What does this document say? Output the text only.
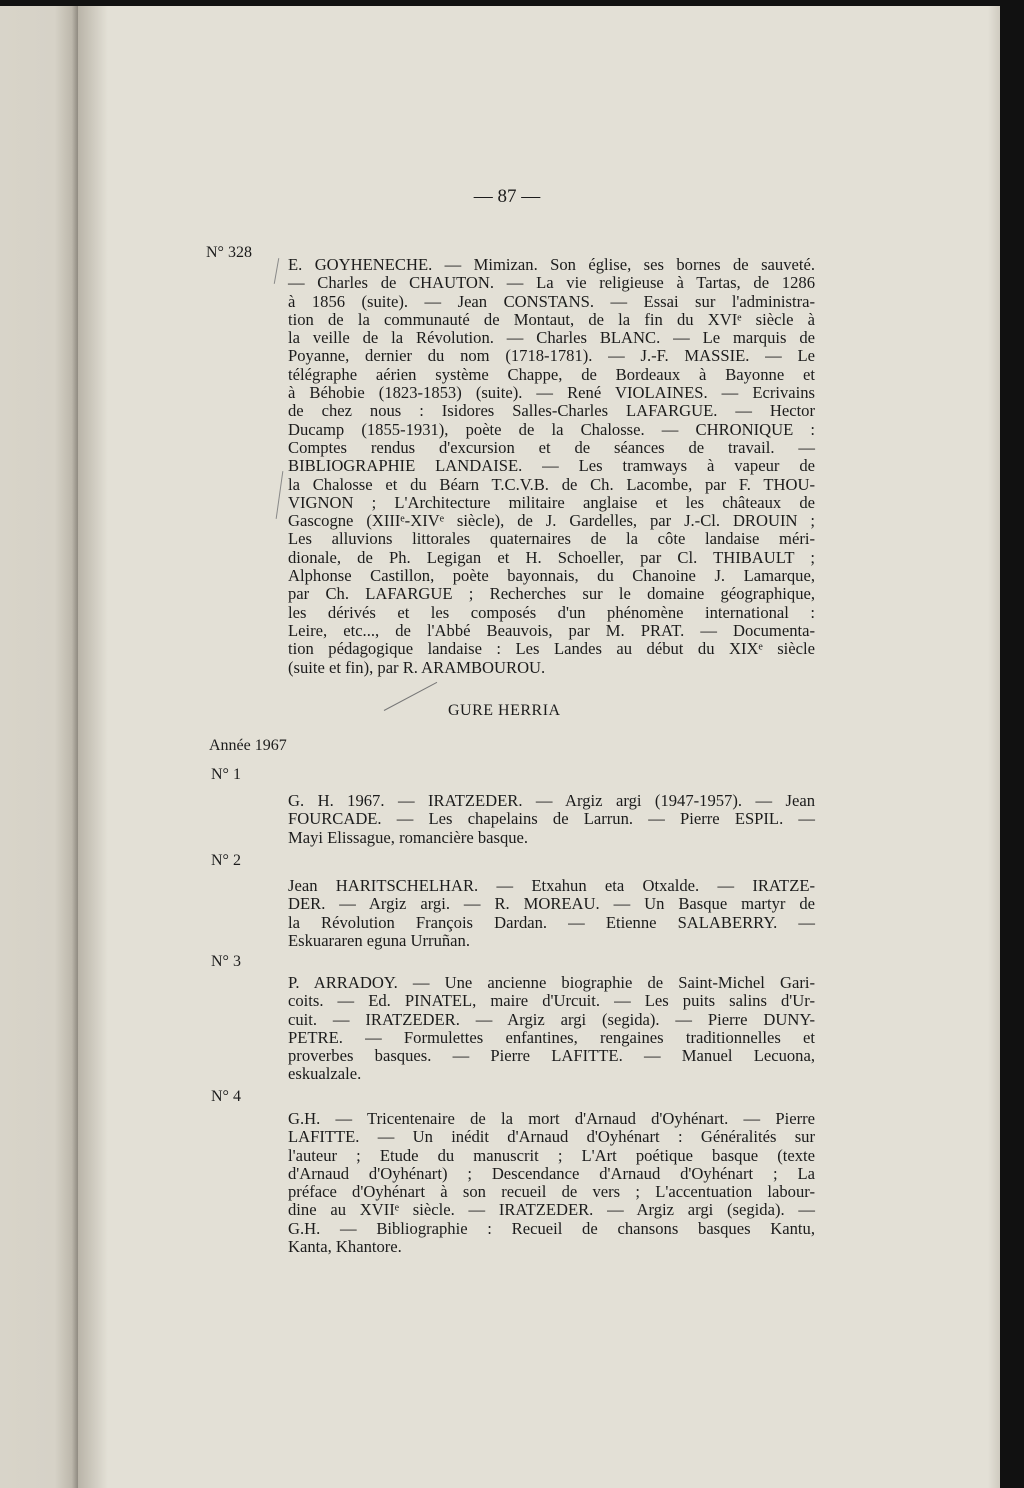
— 87 —
N° 328
E. GOYHENECHE. — Mimizan. Son église, ses bornes de sauveté.
— Charles de CHAUTON. — La vie religieuse à Tartas, de 1286
à 1856 (suite). — Jean CONSTANS. — Essai sur l'administra-
tion de la communauté de Montaut, de la fin du XVIᵉ siècle à
la veille de la Révolution. — Charles BLANC. — Le marquis de
Poyanne, dernier du nom (1718-1781). — J.-F. MASSIE. — Le
télégraphe aérien système Chappe, de Bordeaux à Bayonne et
à Béhobie (1823-1853) (suite). — René VIOLAINES. — Ecrivains
de chez nous : Isidores Salles-Charles LAFARGUE. — Hector
Ducamp (1855-1931), poète de la Chalosse. — CHRONIQUE :
Comptes rendus d'excursion et de séances de travail. —
BIBLIOGRAPHIE LANDAISE. — Les tramways à vapeur de
la Chalosse et du Béarn T.C.V.B. de Ch. Lacombe, par F. THOU-
VIGNON ; L'Architecture militaire anglaise et les châteaux de
Gascogne (XIIIᵉ-XIVᵉ siècle), de J. Gardelles, par J.-Cl. DROUIN ;
Les alluvions littorales quaternaires de la côte landaise méri-
dionale, de Ph. Legigan et H. Schoeller, par Cl. THIBAULT ;
Alphonse Castillon, poète bayonnais, du Chanoine J. Lamarque,
par Ch. LAFARGUE ; Recherches sur le domaine géographique,
les dérivés et les composés d'un phénomène international :
Leire, etc..., de l'Abbé Beauvois, par M. PRAT. — Documenta-
tion pédagogique landaise : Les Landes au début du XIXᵉ siècle
(suite et fin), par R. ARAMBOUROU.
GURE HERRIA
Année 1967
N° 1
G. H. 1967. — IRATZEDER. — Argiz argi (1947-1957). — Jean
FOURCADE. — Les chapelains de Larrun. — Pierre ESPIL. —
Mayi Elissague, romancière basque.
N° 2
Jean HARITSCHELHAR. — Etxahun eta Otxalde. — IRATZE-
DER. — Argiz argi. — R. MOREAU. — Un Basque martyr de
la Révolution François Dardan. — Etienne SALABERRY. —
Eskuararen eguna Urruñan.
N° 3
P. ARRADOY. — Une ancienne biographie de Saint-Michel Gari-
coits. — Ed. PINATEL, maire d'Urcuit. — Les puits salins d'Ur-
cuit. — IRATZEDER. — Argiz argi (segida). — Pierre DUNY-
PETRE. — Formulettes enfantines, rengaines traditionnelles et
proverbes basques. — Pierre LAFITTE. — Manuel Lecuona,
eskualzale.
N° 4
G.H. — Tricentenaire de la mort d'Arnaud d'Oyhénart. — Pierre
LAFITTE. — Un inédit d'Arnaud d'Oyhénart : Généralités sur
l'auteur ; Etude du manuscrit ; L'Art poétique basque (texte
d'Arnaud d'Oyhénart) ; Descendance d'Arnaud d'Oyhénart ; La
préface d'Oyhénart à son recueil de vers ; L'accentuation labour-
dine au XVIIᵉ siècle. — IRATZEDER. — Argiz argi (segida). —
G.H. — Bibliographie : Recueil de chansons basques Kantu,
Kanta, Khantore.
